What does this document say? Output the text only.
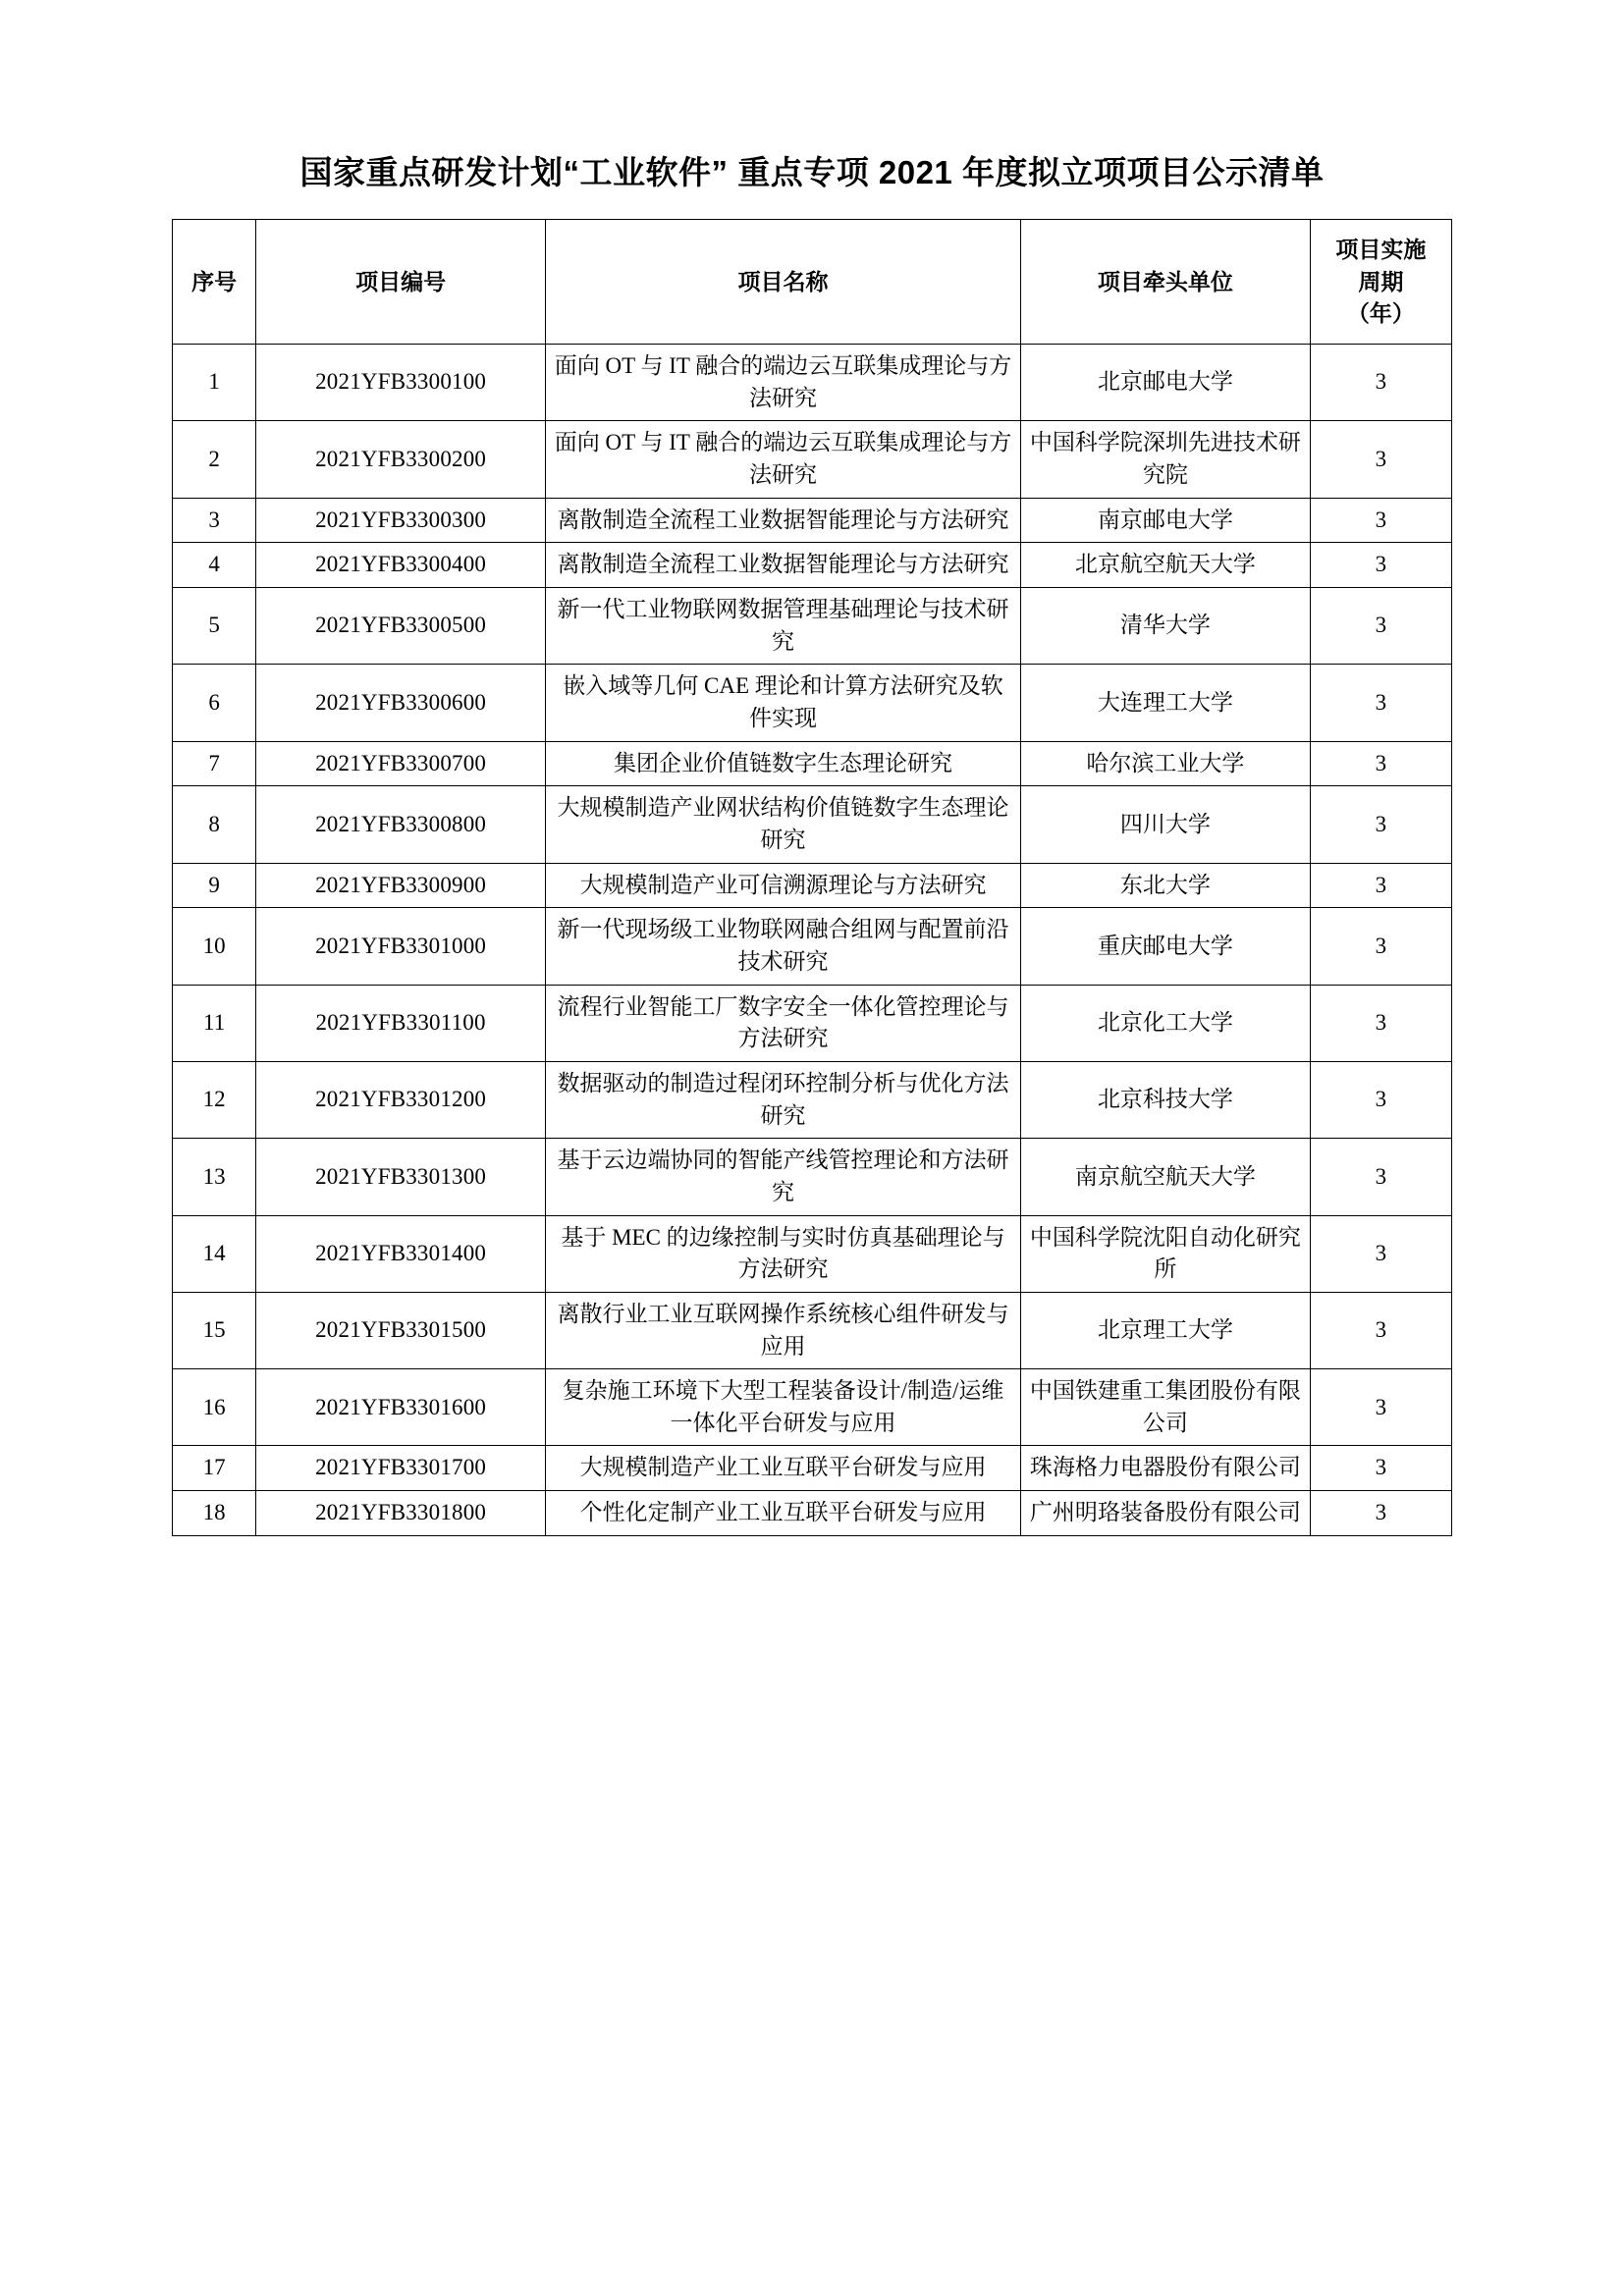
国家重点研发计划“工业软件” 重点专项 2021 年度拟立项项目公示清单
序号	项目编号	项目名称	项目牵头单位	项目实施
周期
（年）

1	2021YFB3300100	面向 OT 与 IT 融合的端边云互联集成理论与方法研究	北京邮电大学	3
2	2021YFB3300200	面向 OT 与 IT 融合的端边云互联集成理论与方法研究	中国科学院深圳先进技术研究院	3
3	2021YFB3300300	离散制造全流程工业数据智能理论与方法研究	南京邮电大学	3
4	2021YFB3300400	离散制造全流程工业数据智能理论与方法研究	北京航空航天大学	3
5	2021YFB3300500	新一代工业物联网数据管理基础理论与技术研究	清华大学	3
6	2021YFB3300600	嵌入域等几何 CAE 理论和计算方法研究及软件实现	大连理工大学	3
7	2021YFB3300700	集团企业价值链数字生态理论研究	哈尔滨工业大学	3
8	2021YFB3300800	大规模制造产业网状结构价值链数字生态理论研究	四川大学	3
9	2021YFB3300900	大规模制造产业可信溯源理论与方法研究	东北大学	3
10	2021YFB3301000	新一代现场级工业物联网融合组网与配置前沿技术研究	重庆邮电大学	3
11	2021YFB3301100	流程行业智能工厂数字安全一体化管控理论与方法研究	北京化工大学	3
12	2021YFB3301200	数据驱动的制造过程闭环控制分析与优化方法研究	北京科技大学	3
13	2021YFB3301300	基于云边端协同的智能产线管控理论和方法研究	南京航空航天大学	3
14	2021YFB3301400	基于 MEC 的边缘控制与实时仿真基础理论与方法研究	中国科学院沈阳自动化研究所	3
15	2021YFB3301500	离散行业工业互联网操作系统核心组件研发与应用	北京理工大学	3
16	2021YFB3301600	复杂施工环境下大型工程装备设计/制造/运维一体化平台研发与应用	中国铁建重工集团股份有限公司	3
17	2021YFB3301700	大规模制造产业工业互联平台研发与应用	珠海格力电器股份有限公司	3
18	2021YFB3301800	个性化定制产业工业互联平台研发与应用	广州明珞装备股份有限公司	3
